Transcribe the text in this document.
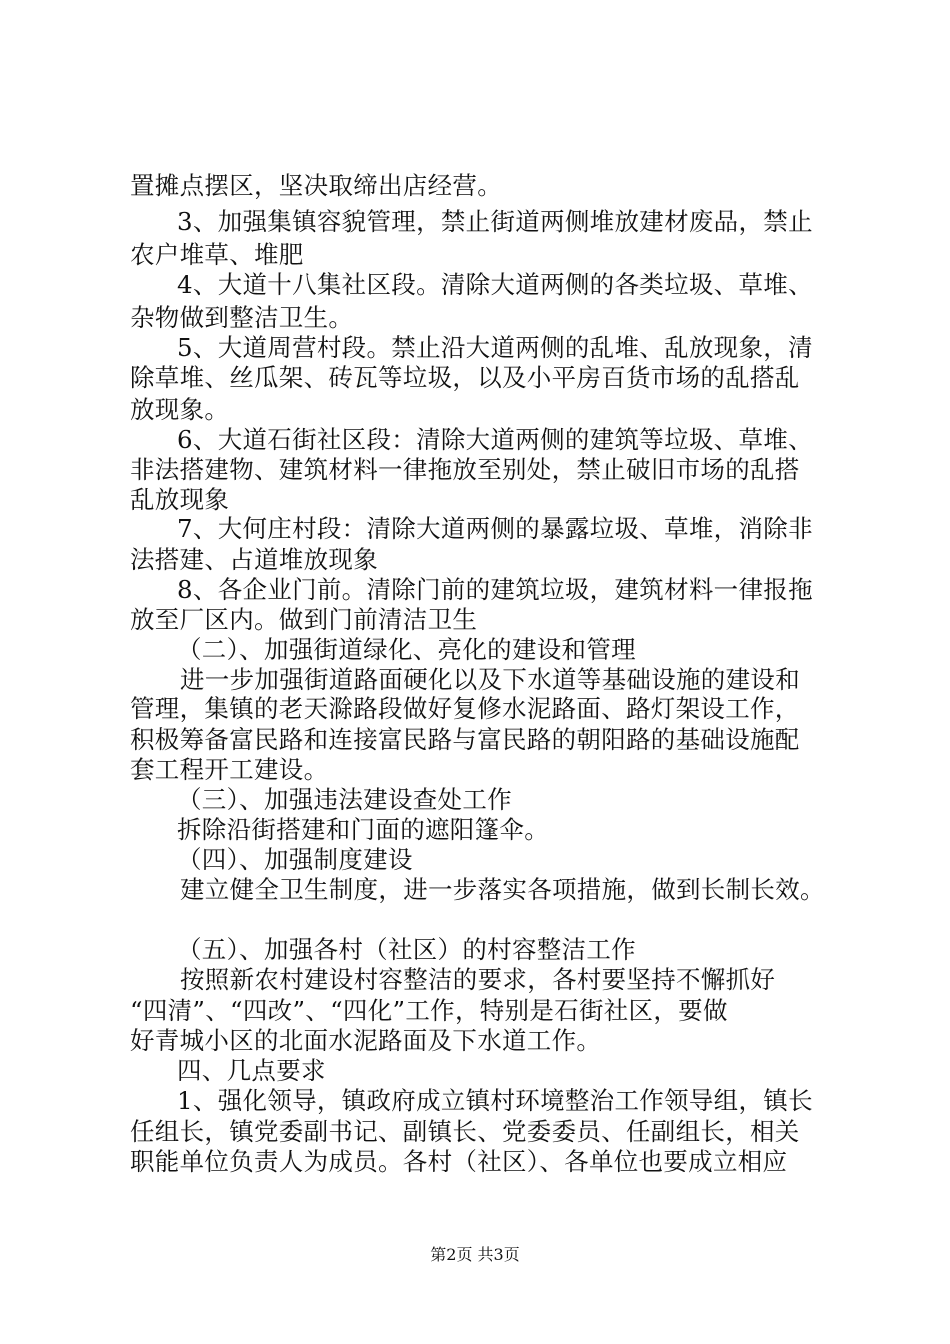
置摊点摆区，坚决取缔出店经营。
3、加强集镇容貌管理，禁止街道两侧堆放建材废品，禁止
农户堆草、堆肥
4、大道十八集社区段。清除大道两侧的各类垃圾、草堆、
杂物做到整洁卫生。
5、大道周营村段。禁止沿大道两侧的乱堆、乱放现象，清
除草堆、丝瓜架、砖瓦等垃圾，以及小平房百货市场的乱搭乱
放现象。
6、大道石街社区段：清除大道两侧的建筑等垃圾、草堆、
非法搭建物、建筑材料一律拖放至别处，禁止破旧市场的乱搭
乱放现象
7、大何庄村段：清除大道两侧的暴露垃圾、草堆，消除非
法搭建、占道堆放现象
8、各企业门前。清除门前的建筑垃圾，建筑材料一律报拖
放至厂区内。做到门前清洁卫生
（二）、加强街道绿化、亮化的建设和管理
进一步加强街道路面硬化以及下水道等基础设施的建设和
管理，集镇的老天滁路段做好复修水泥路面、路灯架设工作，
积极筹备富民路和连接富民路与富民路的朝阳路的基础设施配
套工程开工建设。
（三）、加强违法建设查处工作
拆除沿街搭建和门面的遮阳篷伞。
（四）、加强制度建设
建立健全卫生制度，进一步落实各项措施，做到长制长效。
（五）、加强各村（社区）的村容整洁工作
按照新农村建设村容整洁的要求，各村要坚持不懈抓好
“四清”、“四改”、“四化”工作，特别是石街社区，要做
好青城小区的北面水泥路面及下水道工作。
四、几点要求
1、强化领导，镇政府成立镇村环境整治工作领导组，镇长
任组长，镇党委副书记、副镇长、党委委员、任副组长，相关
职能单位负责人为成员。各村（社区）、各单位也要成立相应
第2页 共3页
